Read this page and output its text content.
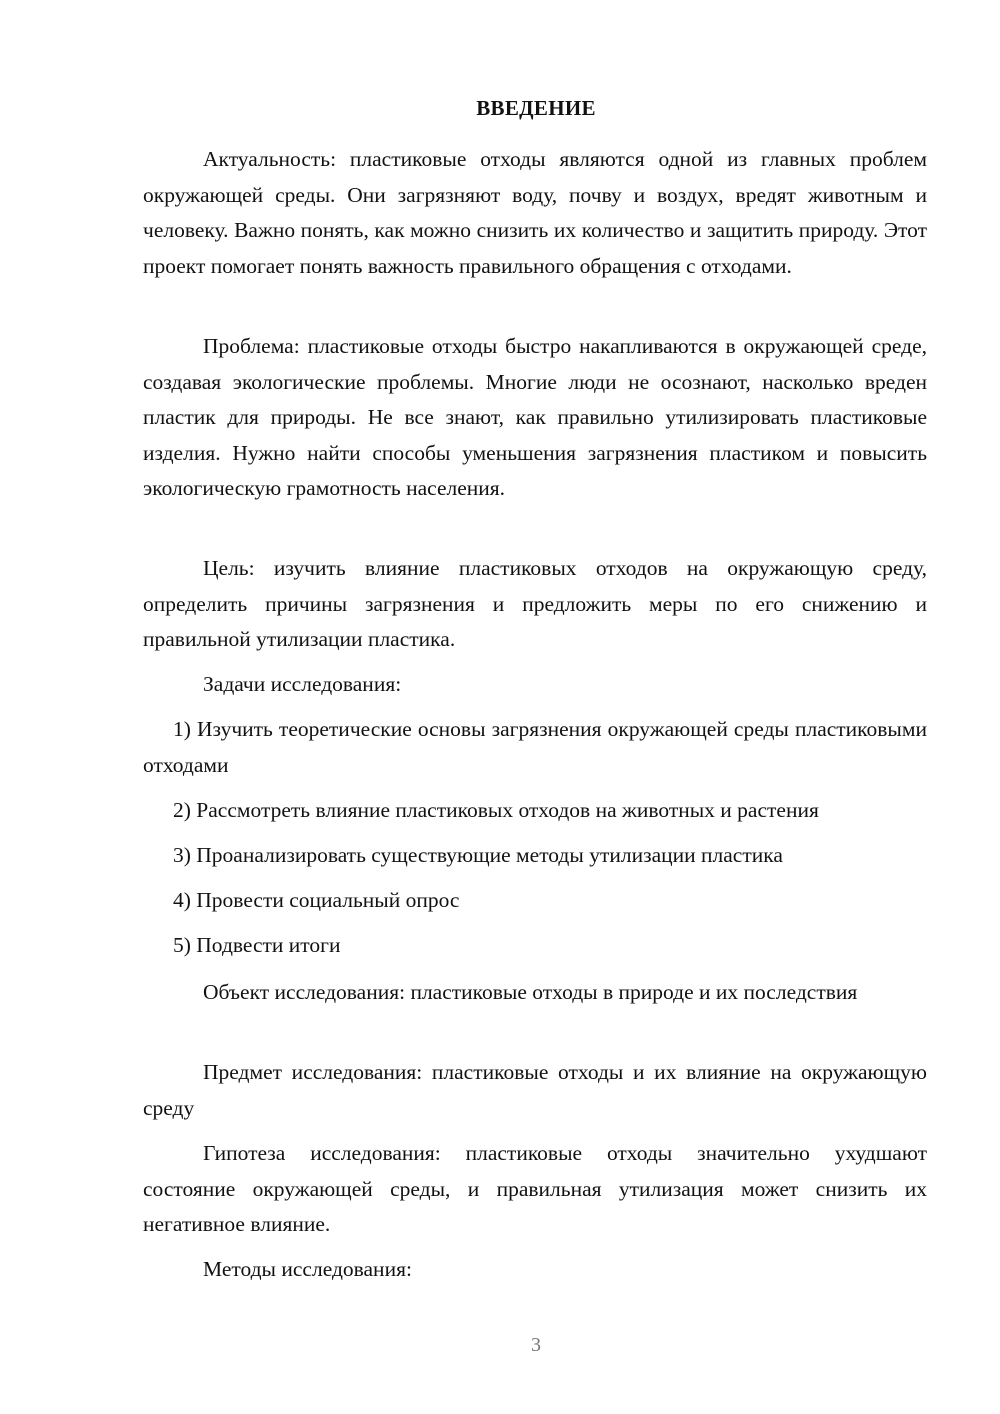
ВВЕДЕНИЕ

Актуальность: пластиковые отходы являются одной из главных проблем окружающей среды. Они загрязняют воду, почву и воздух, вредят животным и человеку. Важно понять, как можно снизить их количество и защитить природу. Этот проект помогает понять важность правильного обращения с отходами.

Проблема: пластиковые отходы быстро накапливаются в окружающей среде, создавая экологические проблемы. Многие люди не осознают, насколько вреден пластик для природы. Не все знают, как правильно утилизировать пластиковые изделия. Нужно найти способы уменьшения загрязнения пластиком и повысить экологическую грамотность населения.

Цель: изучить влияние пластиковых отходов на окружающую среду, определить причины загрязнения и предложить меры по его снижению и правильной утилизации пластика.

Задачи исследования:

1) Изучить теоретические основы загрязнения окружающей среды пластиковыми отходами

2) Рассмотреть влияние пластиковых отходов на животных и растения

3) Проанализировать существующие методы утилизации пластика

4) Провести социальный опрос

5) Подвести итоги

Объект исследования: пластиковые отходы в природе и их последствия

Предмет исследования: пластиковые отходы и их влияние на окружающую среду

Гипотеза исследования: пластиковые отходы значительно ухудшают состояние окружающей среды, и правильная утилизация может снизить их негативное влияние.

Методы исследования:

3
